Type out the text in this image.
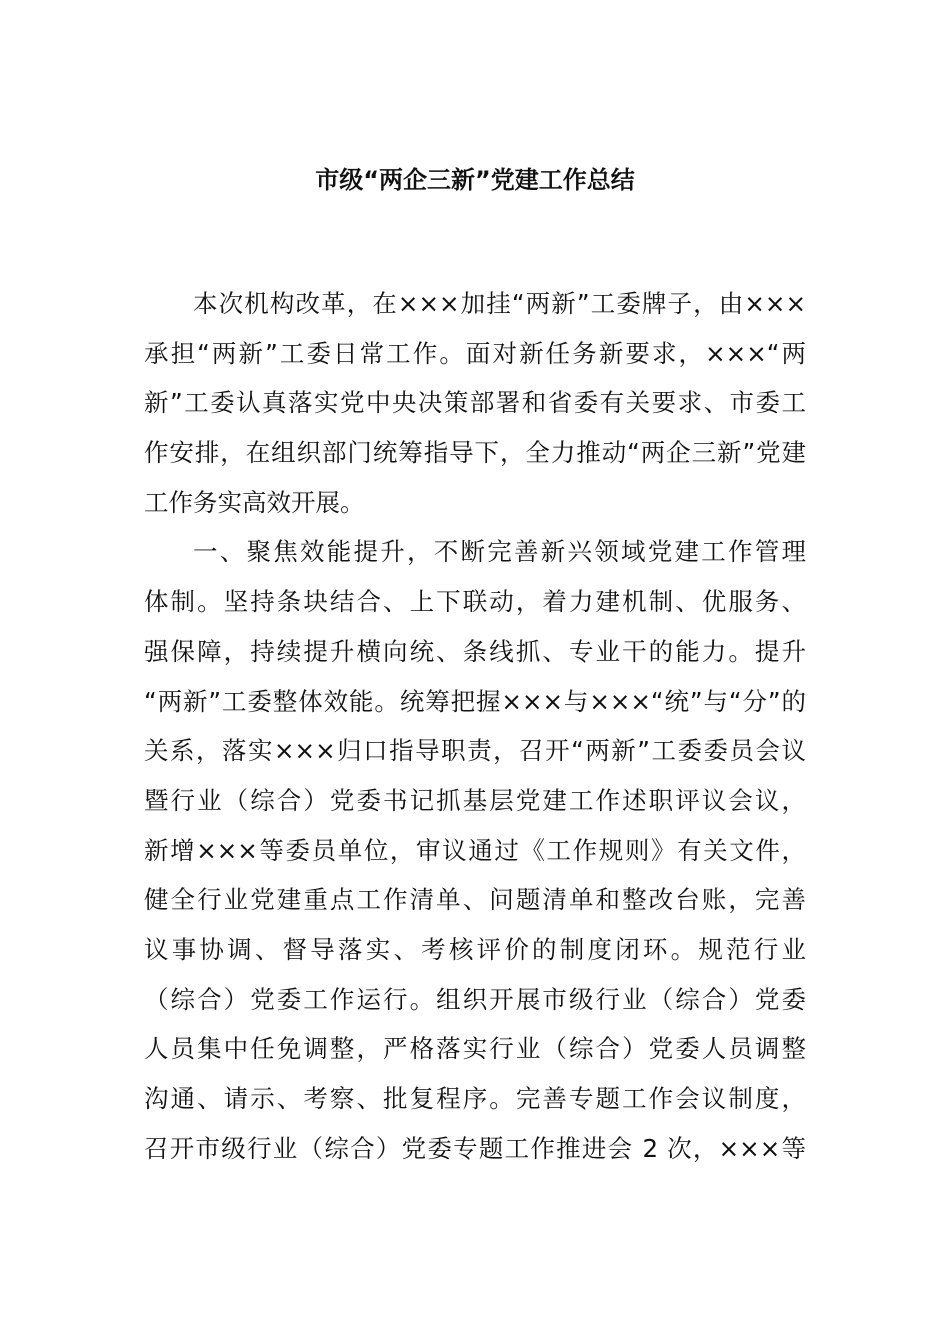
市级“两企三新”党建工作总结
本次机构改革，在×××加挂“两新”工委牌子，由×××
承担“两新”工委日常工作。面对新任务新要求，×××“两
新”工委认真落实党中央决策部署和省委有关要求、市委工
作安排，在组织部门统筹指导下，全力推动“两企三新”党建
工作务实高效开展。
一、聚焦效能提升，不断完善新兴领域党建工作管理
体制。坚持条块结合、上下联动，着力建机制、优服务、
强保障，持续提升横向统、条线抓、专业干的能力。提升
“两新”工委整体效能。统筹把握×××与×××“统”与“分”的
关系，落实×××归口指导职责，召开“两新”工委委员会议
暨行业（综合）党委书记抓基层党建工作述职评议会议，
新增×××等委员单位，审议通过《工作规则》有关文件，
健全行业党建重点工作清单、问题清单和整改台账，完善
议事协调、督导落实、考核评价的制度闭环。规范行业
（综合）党委工作运行。组织开展市级行业（综合）党委
人员集中任免调整，严格落实行业（综合）党委人员调整
沟通、请示、考察、批复程序。完善专题工作会议制度，
召开市级行业（综合）党委专题工作推进会 2 次，×××等
